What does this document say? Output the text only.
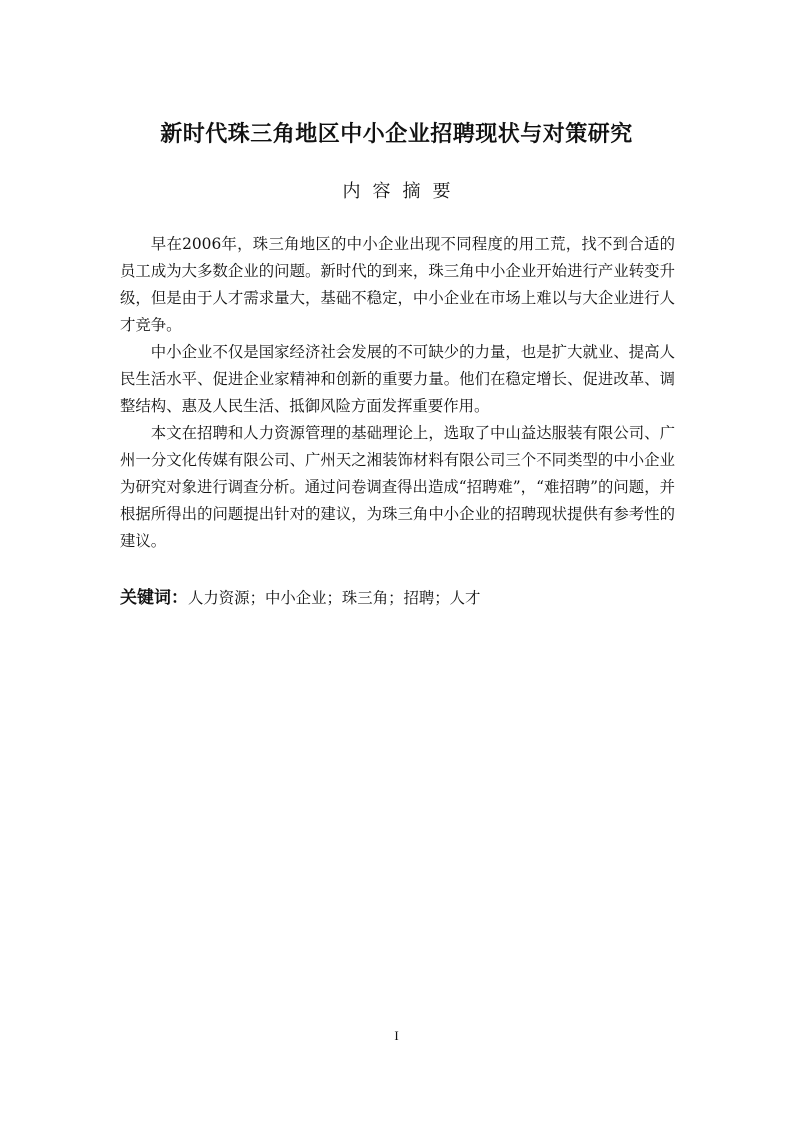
新时代珠三角地区中小企业招聘现状与对策研究
内容摘要

早在2006年，珠三角地区的中小企业出现不同程度的用工荒，找不到合适的员工成为大多数企业的问题。新时代的到来，珠三角中小企业开始进行产业转变升级，但是由于人才需求量大，基础不稳定，中小企业在市场上难以与大企业进行人才竞争。

中小企业不仅是国家经济社会发展的不可缺少的力量，也是扩大就业、提高人民生活水平、促进企业家精神和创新的重要力量。他们在稳定增长、促进改革、调整结构、惠及人民生活、抵御风险方面发挥重要作用。

本文在招聘和人力资源管理的基础理论上，选取了中山益达服装有限公司、广州一分文化传媒有限公司、广州天之湘装饰材料有限公司三个不同类型的中小企业为研究对象进行调查分析。通过问卷调查得出造成“招聘难”，“难招聘”的问题，并根据所得出的问题提出针对的建议，为珠三角中小企业的招聘现状提供有参考性的建议。

关键词：人力资源；中小企业；珠三角；招聘；人才
I
